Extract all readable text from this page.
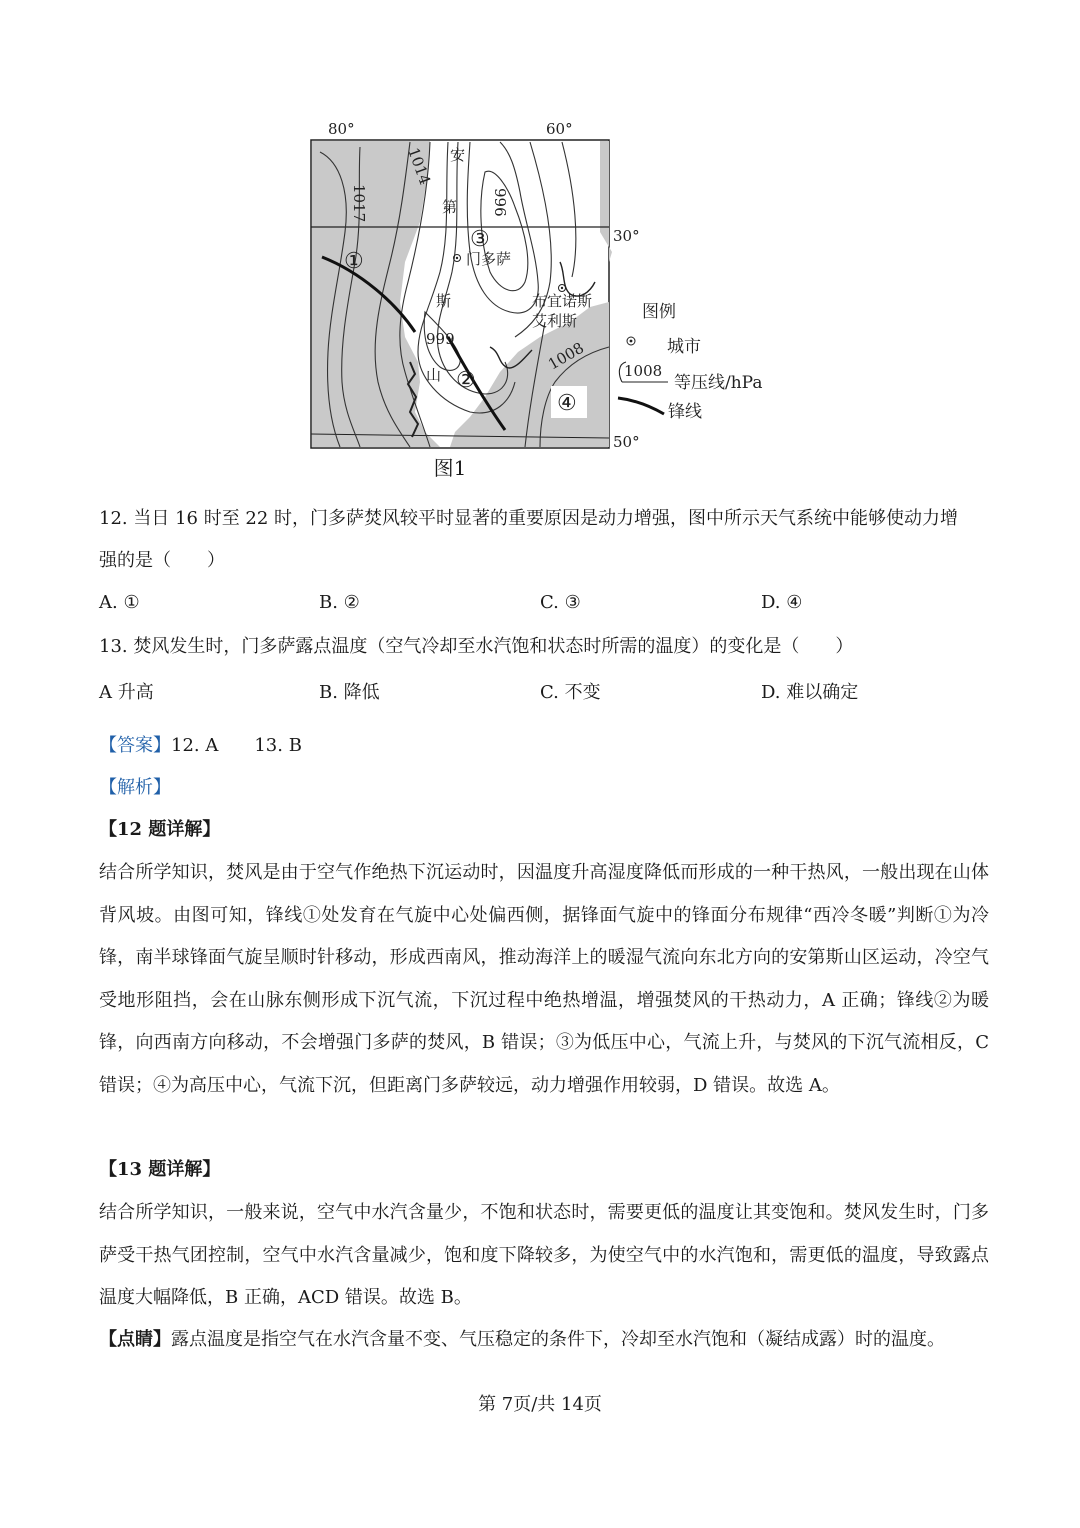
80°	60°
30°
50°
1014
1017	996
999	1008
安
第
门多萨
斯
山
布宜诺斯
艾利斯
①
②
③
④
图例
城市
1008
等压线/hPa
锋线
图1
12. 当日 16 时至 22 时，门多萨焚风较平时显著的重要原因是动力增强，图中所示天气系统中能够使动力增
强的是（　　）
A. ①	B. ②	C. ③	D. ④
13. 焚风发生时，门多萨露点温度（空气冷却至水汽饱和状态时所需的温度）的变化是（　　）
A 升高	B. 降低	C. 不变	D. 难以确定
【答案】12. A　　13. B
【解析】
【12 题详解】
结合所学知识，焚风是由于空气作绝热下沉运动时，因温度升高湿度降低而形成的一种干热风，一般出现在山体背风坡。由图可知，锋线①处发育在气旋中心处偏西侧，据锋面气旋中的锋面分布规律“西冷冬暖”判断①为冷锋，南半球锋面气旋呈顺时针移动，形成西南风，推动海洋上的暖湿气流向东北方向的安第斯山区运动，冷空气受地形阻挡，会在山脉东侧形成下沉气流，下沉过程中绝热增温，增强焚风的干热动力，A 正确；锋线②为暖锋，向西南方向移动，不会增强门多萨的焚风，B 错误；③为低压中心，气流上升，与焚风的下沉气流相反，C 错误；④为高压中心，气流下沉，但距离门多萨较远，动力增强作用较弱，D 错误。故选 A。
【13 题详解】
结合所学知识，一般来说，空气中水汽含量少，不饱和状态时，需要更低的温度让其变饱和。焚风发生时，门多萨受干热气团控制，空气中水汽含量减少，饱和度下降较多，为使空气中的水汽饱和，需更低的温度，导致露点温度大幅降低，B 正确，ACD 错误。故选 B。
【点睛】露点温度是指空气在水汽含量不变、气压稳定的条件下，冷却至水汽饱和（凝结成露）时的温度。
第 7页/共 14页
